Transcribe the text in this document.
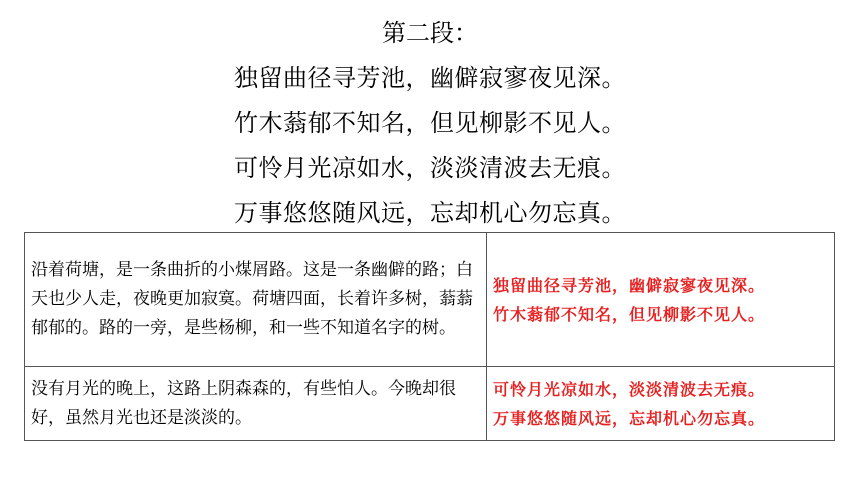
第二段：
独留曲径寻芳池，幽僻寂寥夜见深。
竹木蓊郁不知名，但见柳影不见人。
可怜月光凉如水，淡淡清波去无痕。
万事悠悠随风远，忘却机心勿忘真。
沿着荷塘，是一条曲折的小煤屑路。这是一条幽僻的路；白天也少人走，夜晚更加寂寞。荷塘四面，长着许多树，蓊蓊郁郁的。路的一旁，是些杨柳，和一些不知道名字的树。	独留曲径寻芳池，幽僻寂寥夜见深。
竹木蓊郁不知名，但见柳影不见人。

没有月光的晚上，这路上阴森森的，有些怕人。今晚却很好，虽然月光也还是淡淡的。	可怜月光凉如水，淡淡清波去无痕。
万事悠悠随风远，忘却机心勿忘真。
